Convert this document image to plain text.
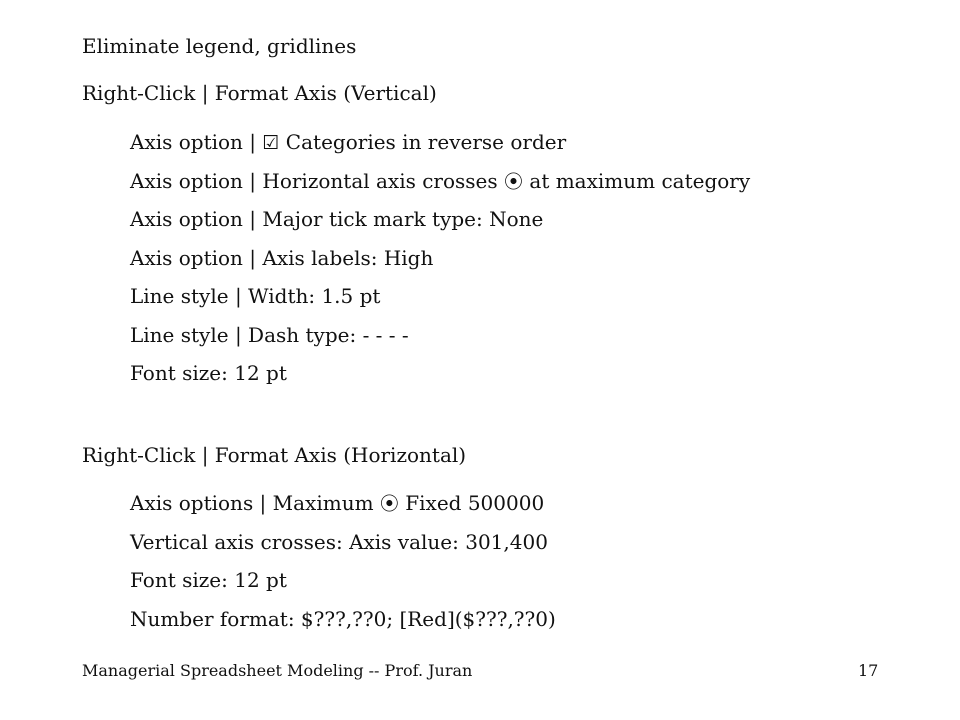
Eliminate legend, gridlines
Right-Click | Format Axis (Vertical)
Axis option | ☑ Categories in reverse order
Axis option | Horizontal axis crosses ⦿ at maximum category
Axis option | Major tick mark type: None
Axis option | Axis labels: High
Line style | Width: 1.5 pt
Line style | Dash type: - - - -
Font size: 12 pt
Right-Click | Format Axis (Horizontal)
Axis options | Maximum ⦿ Fixed 500000
Vertical axis crosses: Axis value: 301,400
Font size: 12 pt
Number format: $???,??0; [Red]($???,??0)
Managerial Spreadsheet Modeling -- Prof. Juran	17
